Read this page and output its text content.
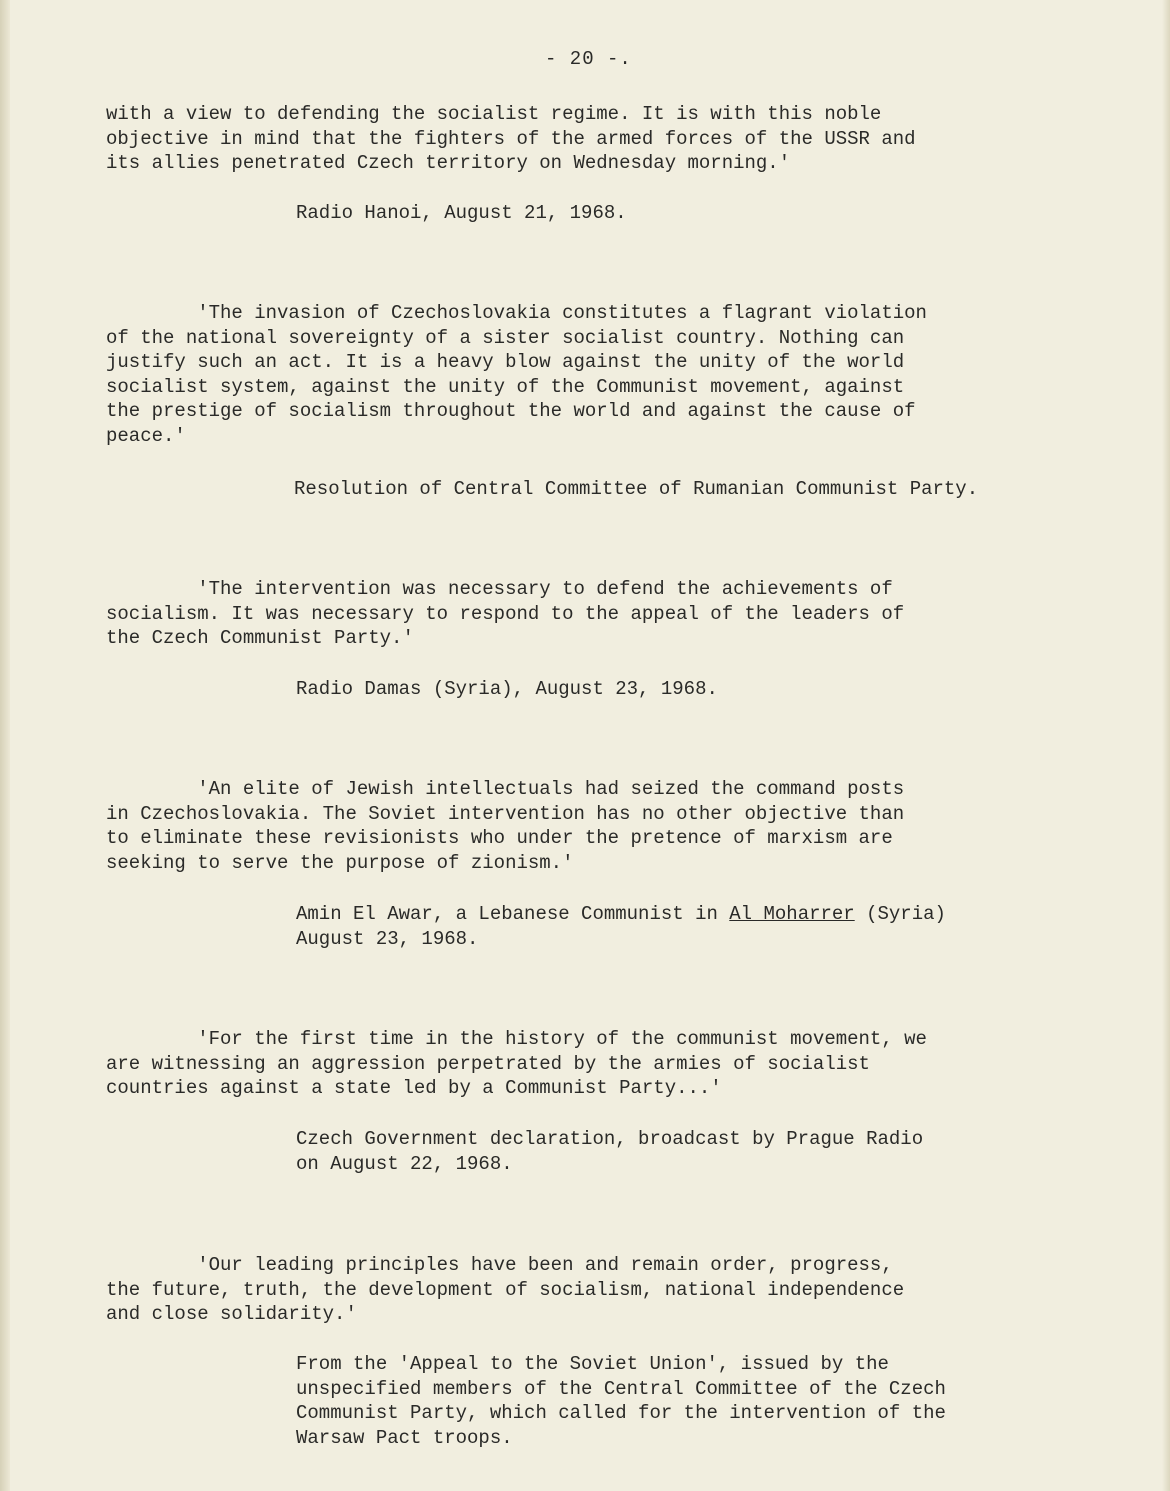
- 20 -.
with a view to defending the socialist regime. It is with this noble
objective in mind that the fighters of the armed forces of the USSR and
its allies penetrated Czech territory on Wednesday morning.'
Radio Hanoi, August 21, 1968.
'The invasion of Czechoslovakia constitutes a flagrant violation
of the national sovereignty of a sister socialist country. Nothing can
justify such an act. It is a heavy blow against the unity of the world
socialist system, against the unity of the Communist movement, against
the prestige of socialism throughout the world and against the cause of
peace.'
Resolution of Central Committee of Rumanian Communist Party.
'The intervention was necessary to defend the achievements of
socialism. It was necessary to respond to the appeal of the leaders of
the Czech Communist Party.'
Radio Damas (Syria), August 23, 1968.
'An elite of Jewish intellectuals had seized the command posts
in Czechoslovakia. The Soviet intervention has no other objective than
to eliminate these revisionists who under the pretence of marxism are
seeking to serve the purpose of zionism.'
Amin El Awar, a Lebanese Communist in Al Moharrer (Syria)
August 23, 1968.
'For the first time in the history of the communist movement, we
are witnessing an aggression perpetrated by the armies of socialist
countries against a state led by a Communist Party...'
Czech Government declaration, broadcast by Prague Radio
on August 22, 1968.
'Our leading principles have been and remain order, progress,
the future, truth, the development of socialism, national independence
and close solidarity.'
From the 'Appeal to the Soviet Union', issued by the
unspecified members of the Central Committee of the Czech
Communist Party, which called for the intervention of the
Warsaw Pact troops.
